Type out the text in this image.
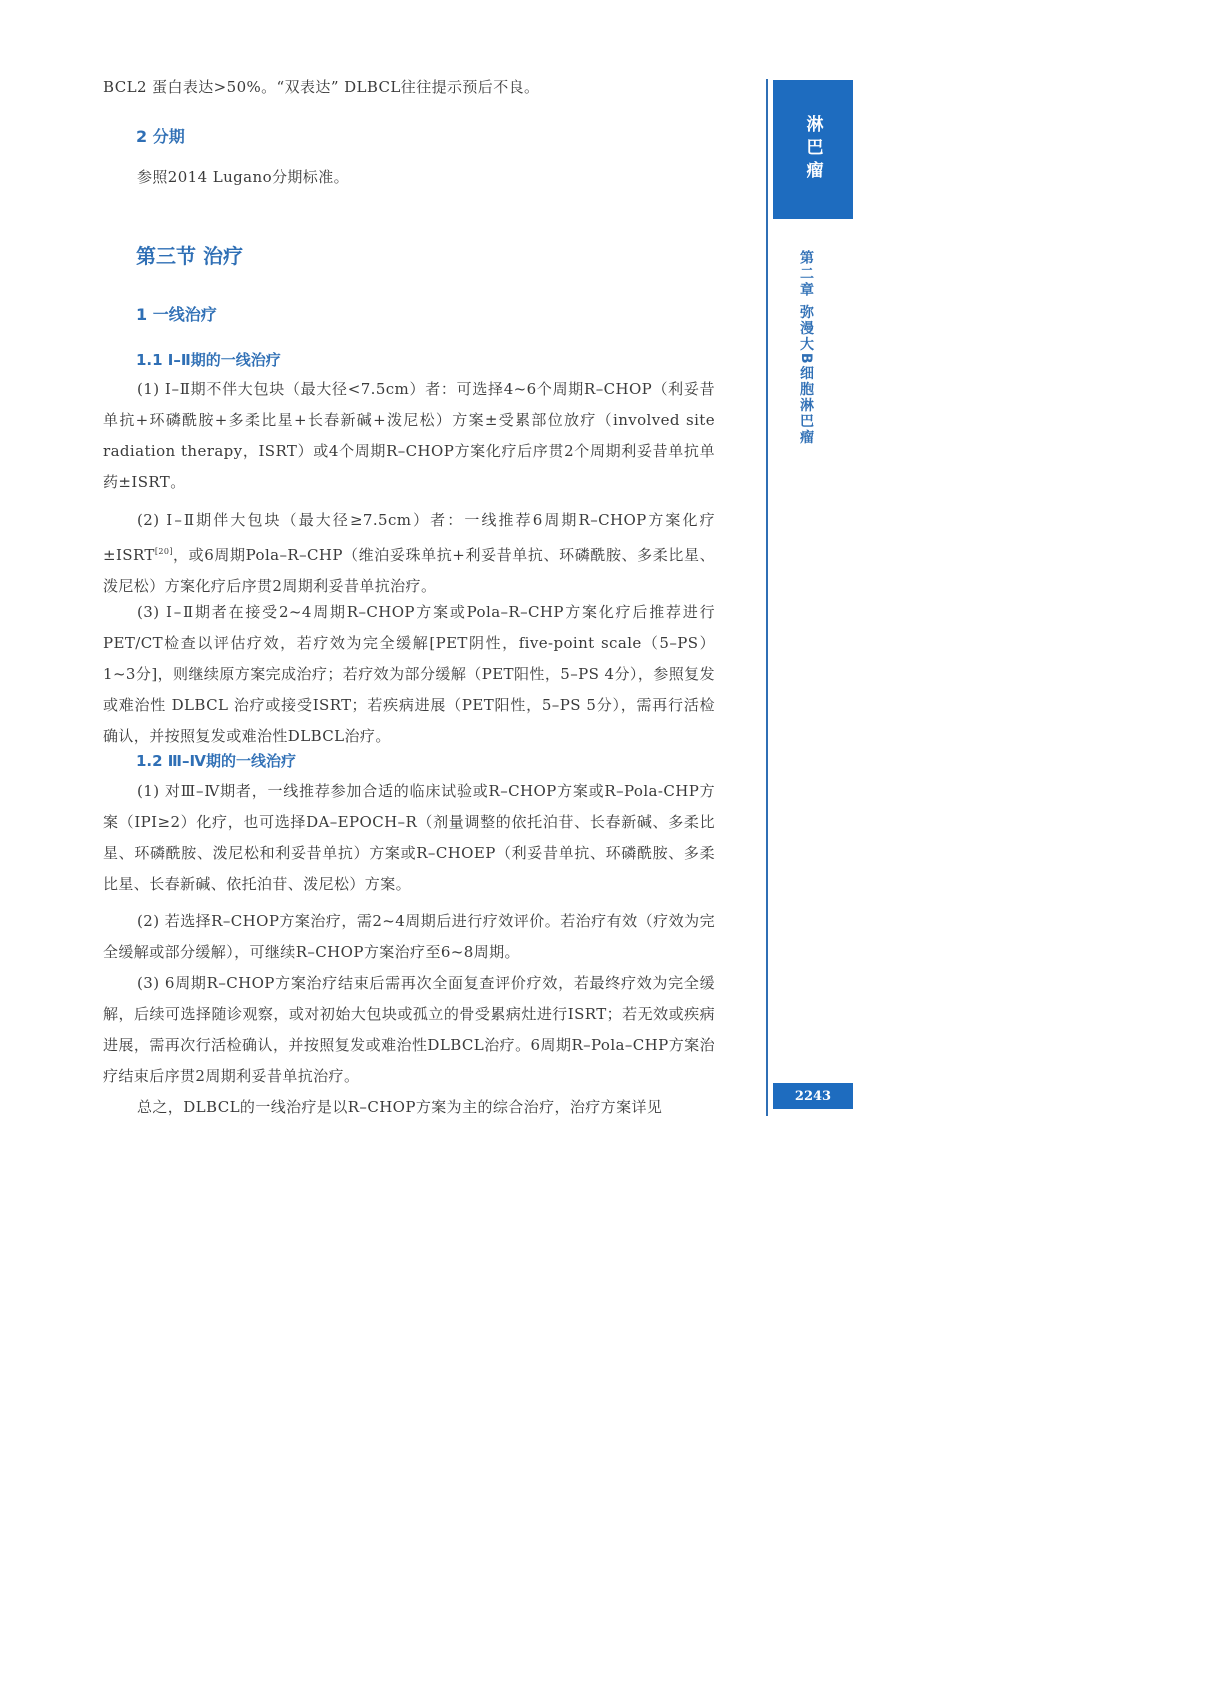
BCL2 蛋白表达>50%。“双表达” DLBCL往往提示预后不良。

2 分期

参照2014 Lugano分期标准。

第三节 治疗
1 一线治疗
1.1 Ⅰ–Ⅱ期的一线治疗

(1) Ⅰ–Ⅱ期不伴大包块（最大径<7.5cm）者：可选择4~6个周期R–CHOP（利妥昔单抗+环磷酰胺+多柔比星+长春新碱+泼尼松）方案±受累部位放疗（involved site radiation therapy，ISRT）或4个周期R–CHOP方案化疗后序贯2个周期利妥昔单抗单药±ISRT。

(2) Ⅰ–Ⅱ期伴大包块（最大径≥7.5cm）者：一线推荐6周期R–CHOP方案化疗±ISRT[20]，或6周期Pola–R–CHP（维泊妥珠单抗+利妥昔单抗、环磷酰胺、多柔比星、泼尼松）方案化疗后序贯2周期利妥昔单抗治疗。

(3) Ⅰ–Ⅱ期者在接受2~4周期R–CHOP方案或Pola–R–CHP方案化疗后推荐进行PET/CT检查以评估疗效，若疗效为完全缓解[PET阴性，five-point scale（5–PS）1~3分]，则继续原方案完成治疗；若疗效为部分缓解（PET阳性，5–PS 4分），参照复发或难治性 DLBCL 治疗或接受ISRT；若疾病进展（PET阳性，5–PS 5分），需再行活检确认，并按照复发或难治性DLBCL治疗。

1.2 Ⅲ–Ⅳ期的一线治疗

(1) 对Ⅲ–Ⅳ期者，一线推荐参加合适的临床试验或R–CHOP方案或R–Pola-CHP方案（IPI≥2）化疗，也可选择DA–EPOCH–R（剂量调整的依托泊苷、长春新碱、多柔比星、环磷酰胺、泼尼松和利妥昔单抗）方案或R–CHOEP（利妥昔单抗、环磷酰胺、多柔比星、长春新碱、依托泊苷、泼尼松）方案。

(2) 若选择R–CHOP方案治疗，需2~4周期后进行疗效评价。若治疗有效（疗效为完全缓解或部分缓解），可继续R–CHOP方案治疗至6~8周期。

(3) 6周期R–CHOP方案治疗结束后需再次全面复查评价疗效，若最终疗效为完全缓解，后续可选择随诊观察，或对初始大包块或孤立的骨受累病灶进行ISRT；若无效或疾病进展，需再次行活检确认，并按照复发或难治性DLBCL治疗。6周期R–Pola–CHP方案治疗结束后序贯2周期利妥昔单抗治疗。

总之，DLBCL的一线治疗是以R–CHOP方案为主的综合治疗，治疗方案详见

淋巴瘤
第二章 弥漫大B细胞淋巴瘤
2243
